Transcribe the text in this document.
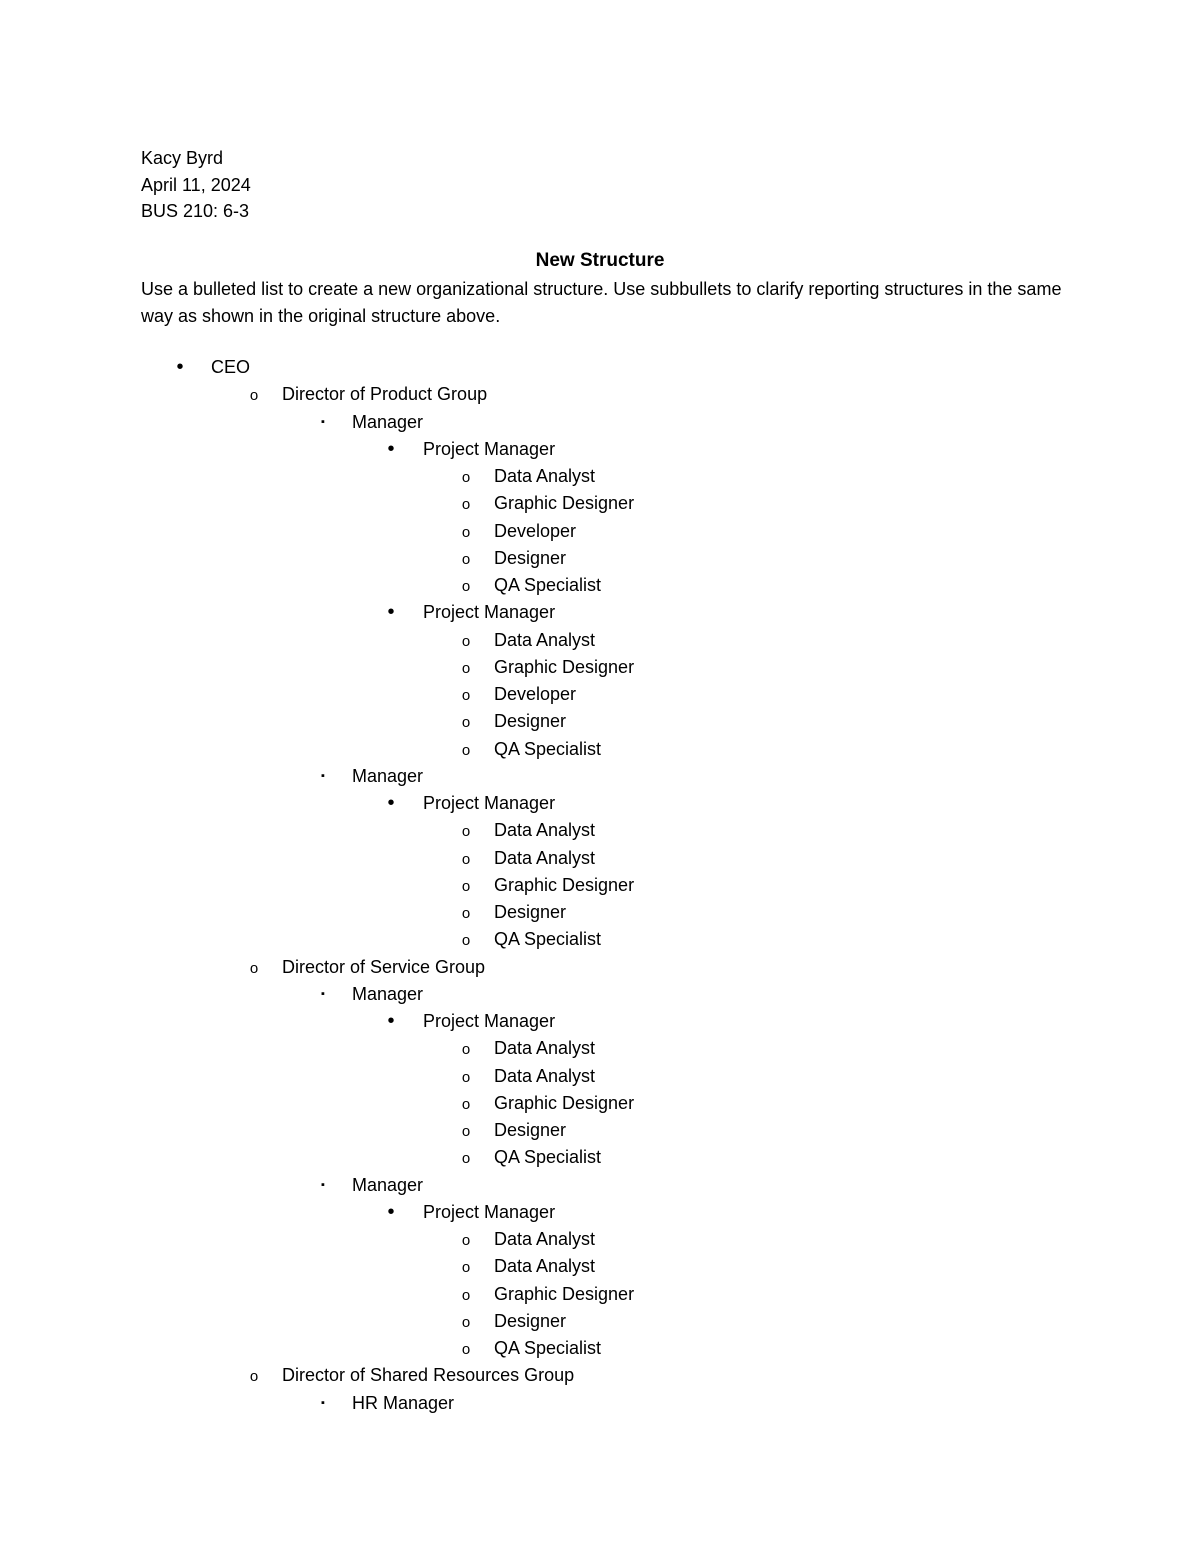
Kacy Byrd
April 11, 2024
BUS 210: 6-3
New Structure
Use a bulleted list to create a new organizational structure. Use subbullets to clarify reporting structures in the same way as shown in the original structure above.
•	CEO
o	Director of Product Group
▪	Manager
•	Project Manager
o	Data Analyst
o	Graphic Designer
o	Developer
o	Designer
o	QA Specialist
•	Project Manager
o	Data Analyst
o	Graphic Designer
o	Developer
o	Designer
o	QA Specialist
▪	Manager
•	Project Manager
o	Data Analyst
o	Data Analyst
o	Graphic Designer
o	Designer
o	QA Specialist
o	Director of Service Group
▪	Manager
•	Project Manager
o	Data Analyst
o	Data Analyst
o	Graphic Designer
o	Designer
o	QA Specialist
▪	Manager
•	Project Manager
o	Data Analyst
o	Data Analyst
o	Graphic Designer
o	Designer
o	QA Specialist
o	Director of Shared Resources Group
▪	HR Manager
